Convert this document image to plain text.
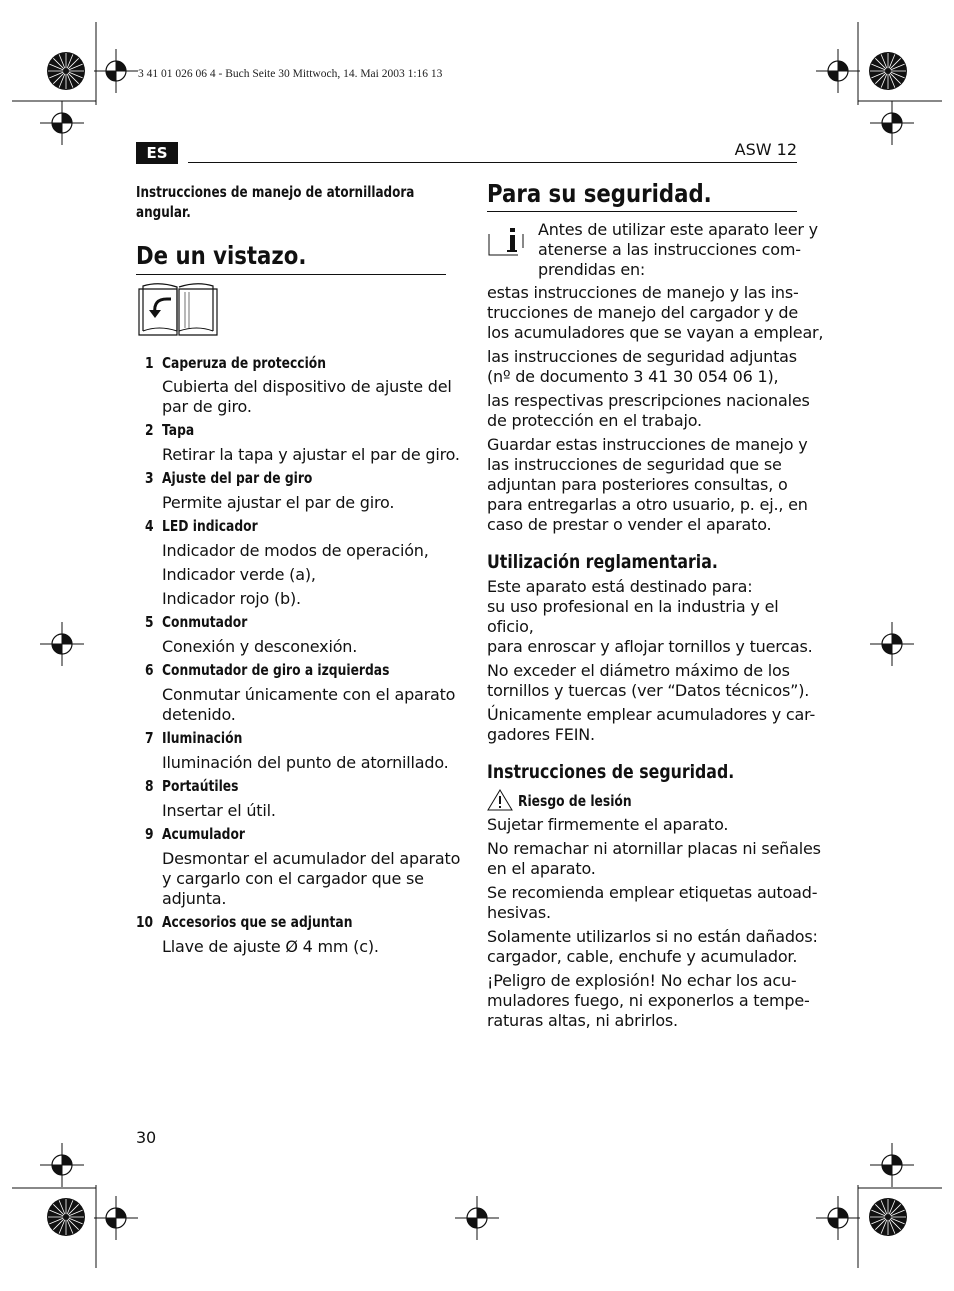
3 41 01 026 06 4 - Buch Seite 30 Mittwoch, 14. Mai 2003 1:16 13
ES	ASW 12
Instrucciones de manejo de atornilladora
angular.
De un vistazo.
1 Caperuza de protección
Cubierta del dispositivo de ajuste del
par de giro.
2 Tapa
Retirar la tapa y ajustar el par de giro.
3 Ajuste del par de giro
Permite ajustar el par de giro.
4 LED indicador
Indicador de modos de operación,
Indicador verde (a),
Indicador rojo (b).
5 Conmutador
Conexión y desconexión.
6 Conmutador de giro a izquierdas
Conmutar únicamente con el aparato
detenido.
7 Iluminación
Iluminación del punto de atornillado.
8 Portaútiles
Insertar el útil.
9 Acumulador
Desmontar el acumulador del aparato
y cargarlo con el cargador que se
adjunta.
10 Accesorios que se adjuntan
Llave de ajuste Ø 4 mm (c).
Para su seguridad.
Antes de utilizar este aparato leer y
atenerse a las instrucciones com-
prendidas en:
estas instrucciones de manejo y las ins-
trucciones de manejo del cargador y de
los acumuladores que se vayan a emplear,
las instrucciones de seguridad adjuntas
(nº de documento 3 41 30 054 06 1),
las respectivas prescripciones nacionales
de protección en el trabajo.
Guardar estas instrucciones de manejo y
las instrucciones de seguridad que se
adjuntan para posteriores consultas, o
para entregarlas a otro usuario, p. ej., en
caso de prestar o vender el aparato.
Utilización reglamentaria.
Este aparato está destinado para:
su uso profesional en la industria y el
oficio,
para enroscar y aflojar tornillos y tuercas.
No exceder el diámetro máximo de los
tornillos y tuercas (ver “Datos técnicos”).
Únicamente emplear acumuladores y car-
gadores FEIN.
Instrucciones de seguridad.
Riesgo de lesión
Sujetar firmemente el aparato.
No remachar ni atornillar placas ni señales
en el aparato.
Se recomienda emplear etiquetas autoad-
hesivas.
Solamente utilizarlos si no están dañados:
cargador, cable, enchufe y acumulador.
¡Peligro de explosión! No echar los acu-
muladores fuego, ni exponerlos a tempe-
raturas altas, ni abrirlos.
30
